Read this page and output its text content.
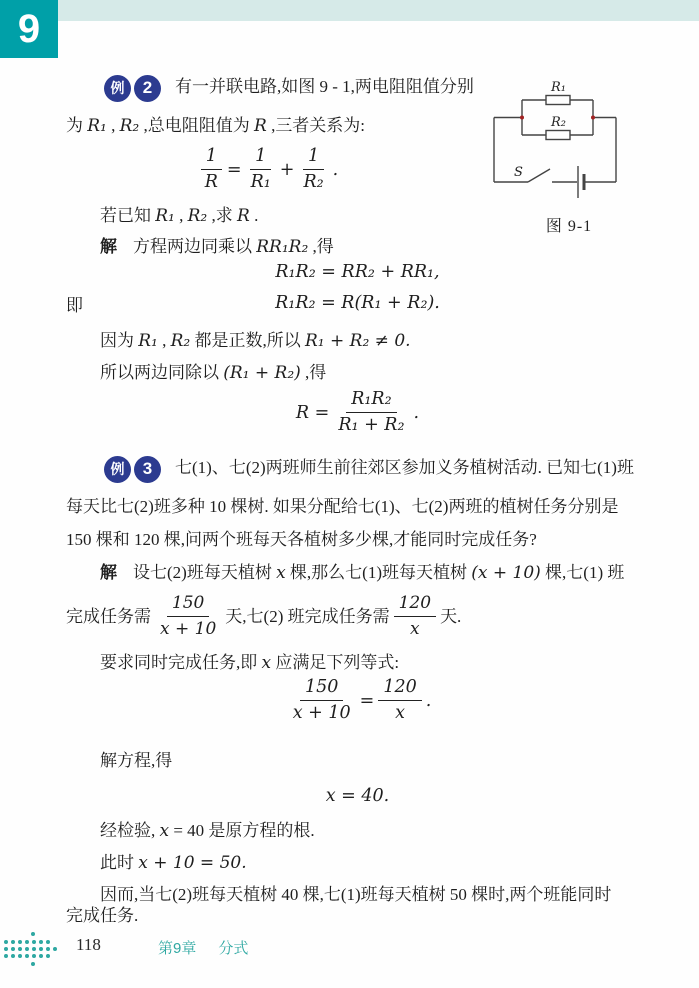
9
R₁
R₂
S
图 9-1
例	2	有一并联电路,如图 9 - 1,两电阻阻值分别
为 R₁ , R₂ ,总电阻阻值为 R ,三者关系为:
$\frac{1}{R} = \frac{1}{\text{R₁}} + \frac{1}{\text{R₂}}$ .
若已知 R₁ , R₂ ,求 R .
解 方程两边同乘以 RR₁R₂ ,得
R₁R₂ = RR₂ + RR₁,
即	R₁R₂ = R(R₁ + R₂).
因为 R₁ , R₂ 都是正数,所以 R₁ + R₂ ≠ 0.
所以两边同除以 (R₁ + R₂) ,得
$R = \frac{\text{R₁R₂}}{\text{R₁ + R₂}}$ .
例	3	七(1)、七(2)两班师生前往郊区参加义务植树活动. 已知七(1)班
每天比七(2)班多种 10 棵树. 如果分配给七(1)、七(2)两班的植树任务分别是
150 棵和 120 棵,问两个班每天各植树多少棵,才能同时完成任务?
解 设七(2)班每天植树 x 棵,那么七(1)班每天植树 (x + 10) 棵,七(1) 班
完成任务需 $\frac{150}{x + 10}$ 天,七(2) 班完成任务需 $\frac{120}{x}$ 天.
要求同时完成任务,即 x 应满足下列等式:
$\frac{150}{x + 10} = \frac{120}{x}$ .
解方程,得
x = 40.
经检验, x = 40 是原方程的根.
此时 x + 10 = 50.
因而,当七(2)班每天植树 40 棵,七(1)班每天植树 50 棵时,两个班能同时
完成任务.
118	第9章 分式
